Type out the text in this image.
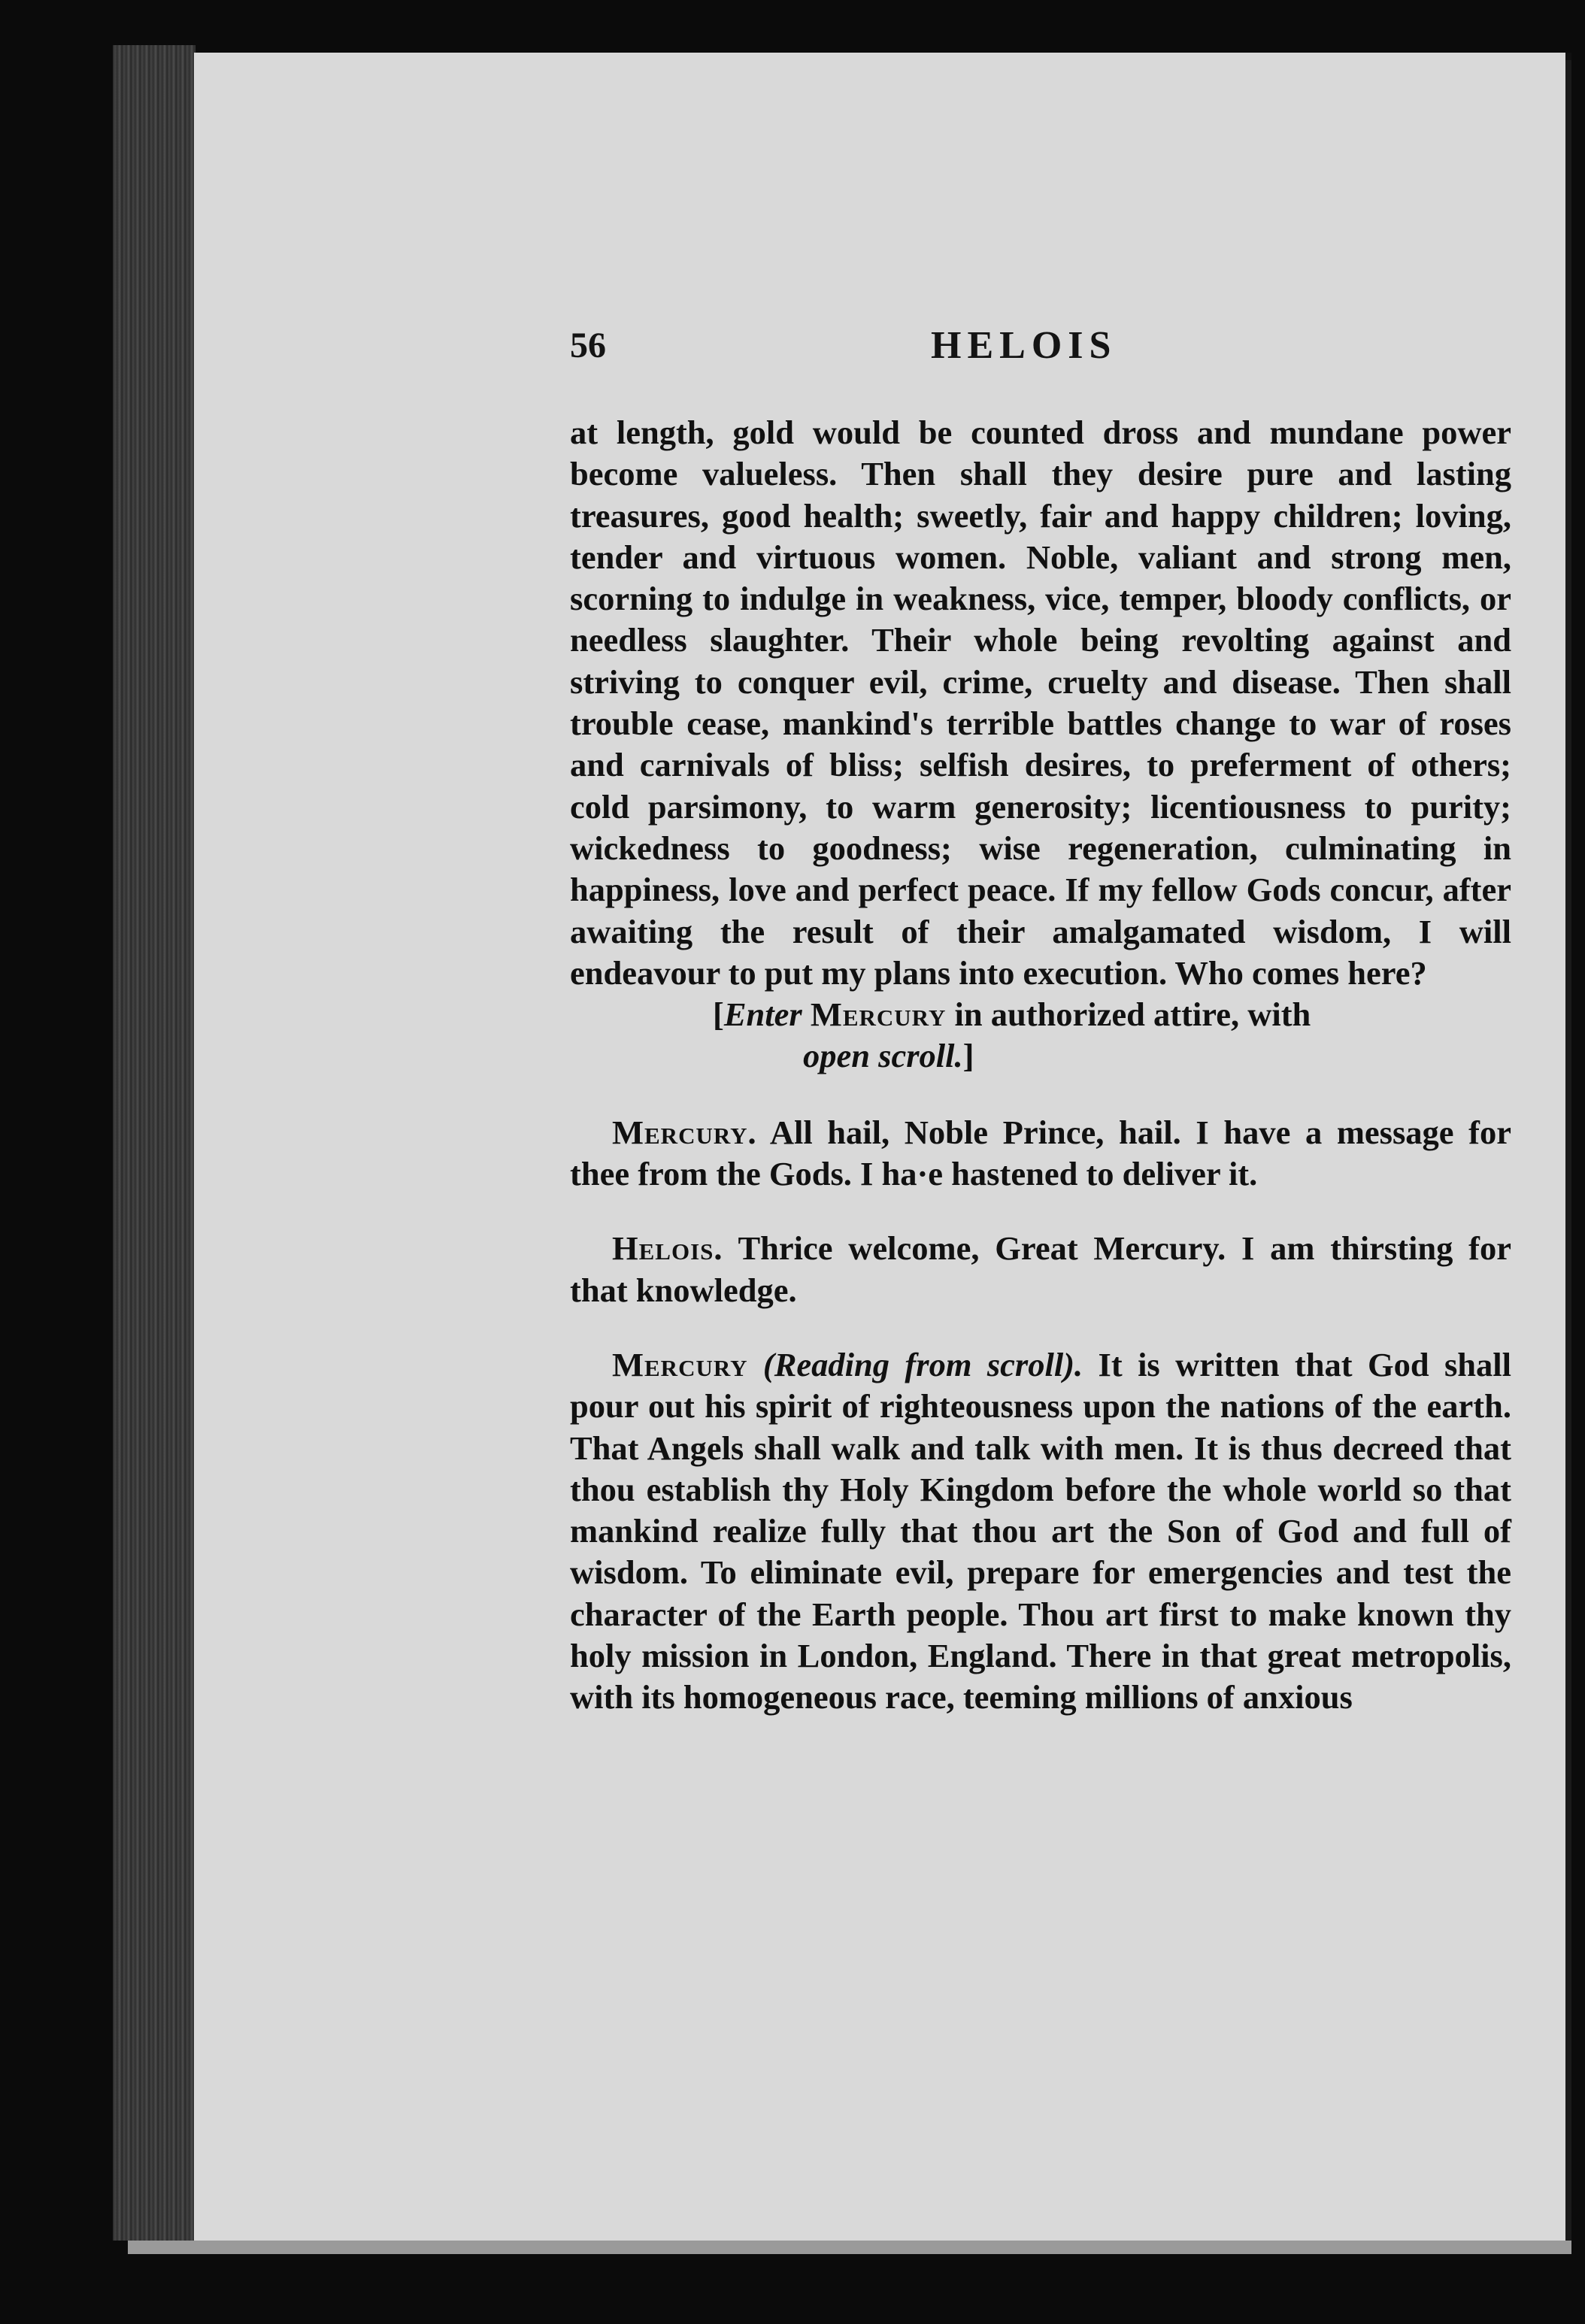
56	HELOIS

at length, gold would be counted dross and mundane power become valueless. Then shall they desire pure and lasting treasures, good health; sweetly, fair and happy children; loving, tender and virtuous women. Noble, valiant and strong men, scorning to indulge in weakness, vice, temper, bloody conflicts, or needless slaughter. Their whole being revolting against and striving to conquer evil, crime, cruelty and disease. Then shall trouble cease, mankind's terrible battles change to war of roses and carnivals of bliss; selfish desires, to preferment of others; cold parsimony, to warm generosity; licentiousness to purity; wickedness to goodness; wise regeneration, culminating in happiness, love and perfect peace. If my fellow Gods concur, after awaiting the result of their amalgamated wisdom, I will endeavour to put my plans into execution. Who comes here?

[Enter Mercury in authorized attire, with
open scroll.]

Mercury. All hail, Noble Prince, hail. I have a message for thee from the Gods. I ha·e hastened to deliver it.

Helois. Thrice welcome, Great Mercury. I am thirsting for that knowledge.

Mercury (Reading from scroll). It is written that God shall pour out his spirit of righteousness upon the nations of the earth. That Angels shall walk and talk with men. It is thus decreed that thou establish thy Holy Kingdom before the whole world so that mankind realize fully that thou art the Son of God and full of wisdom. To eliminate evil, prepare for emergencies and test the character of the Earth people. Thou art first to make known thy holy mission in London, England. There in that great metropolis, with its homogeneous race, teeming millions of anxious
